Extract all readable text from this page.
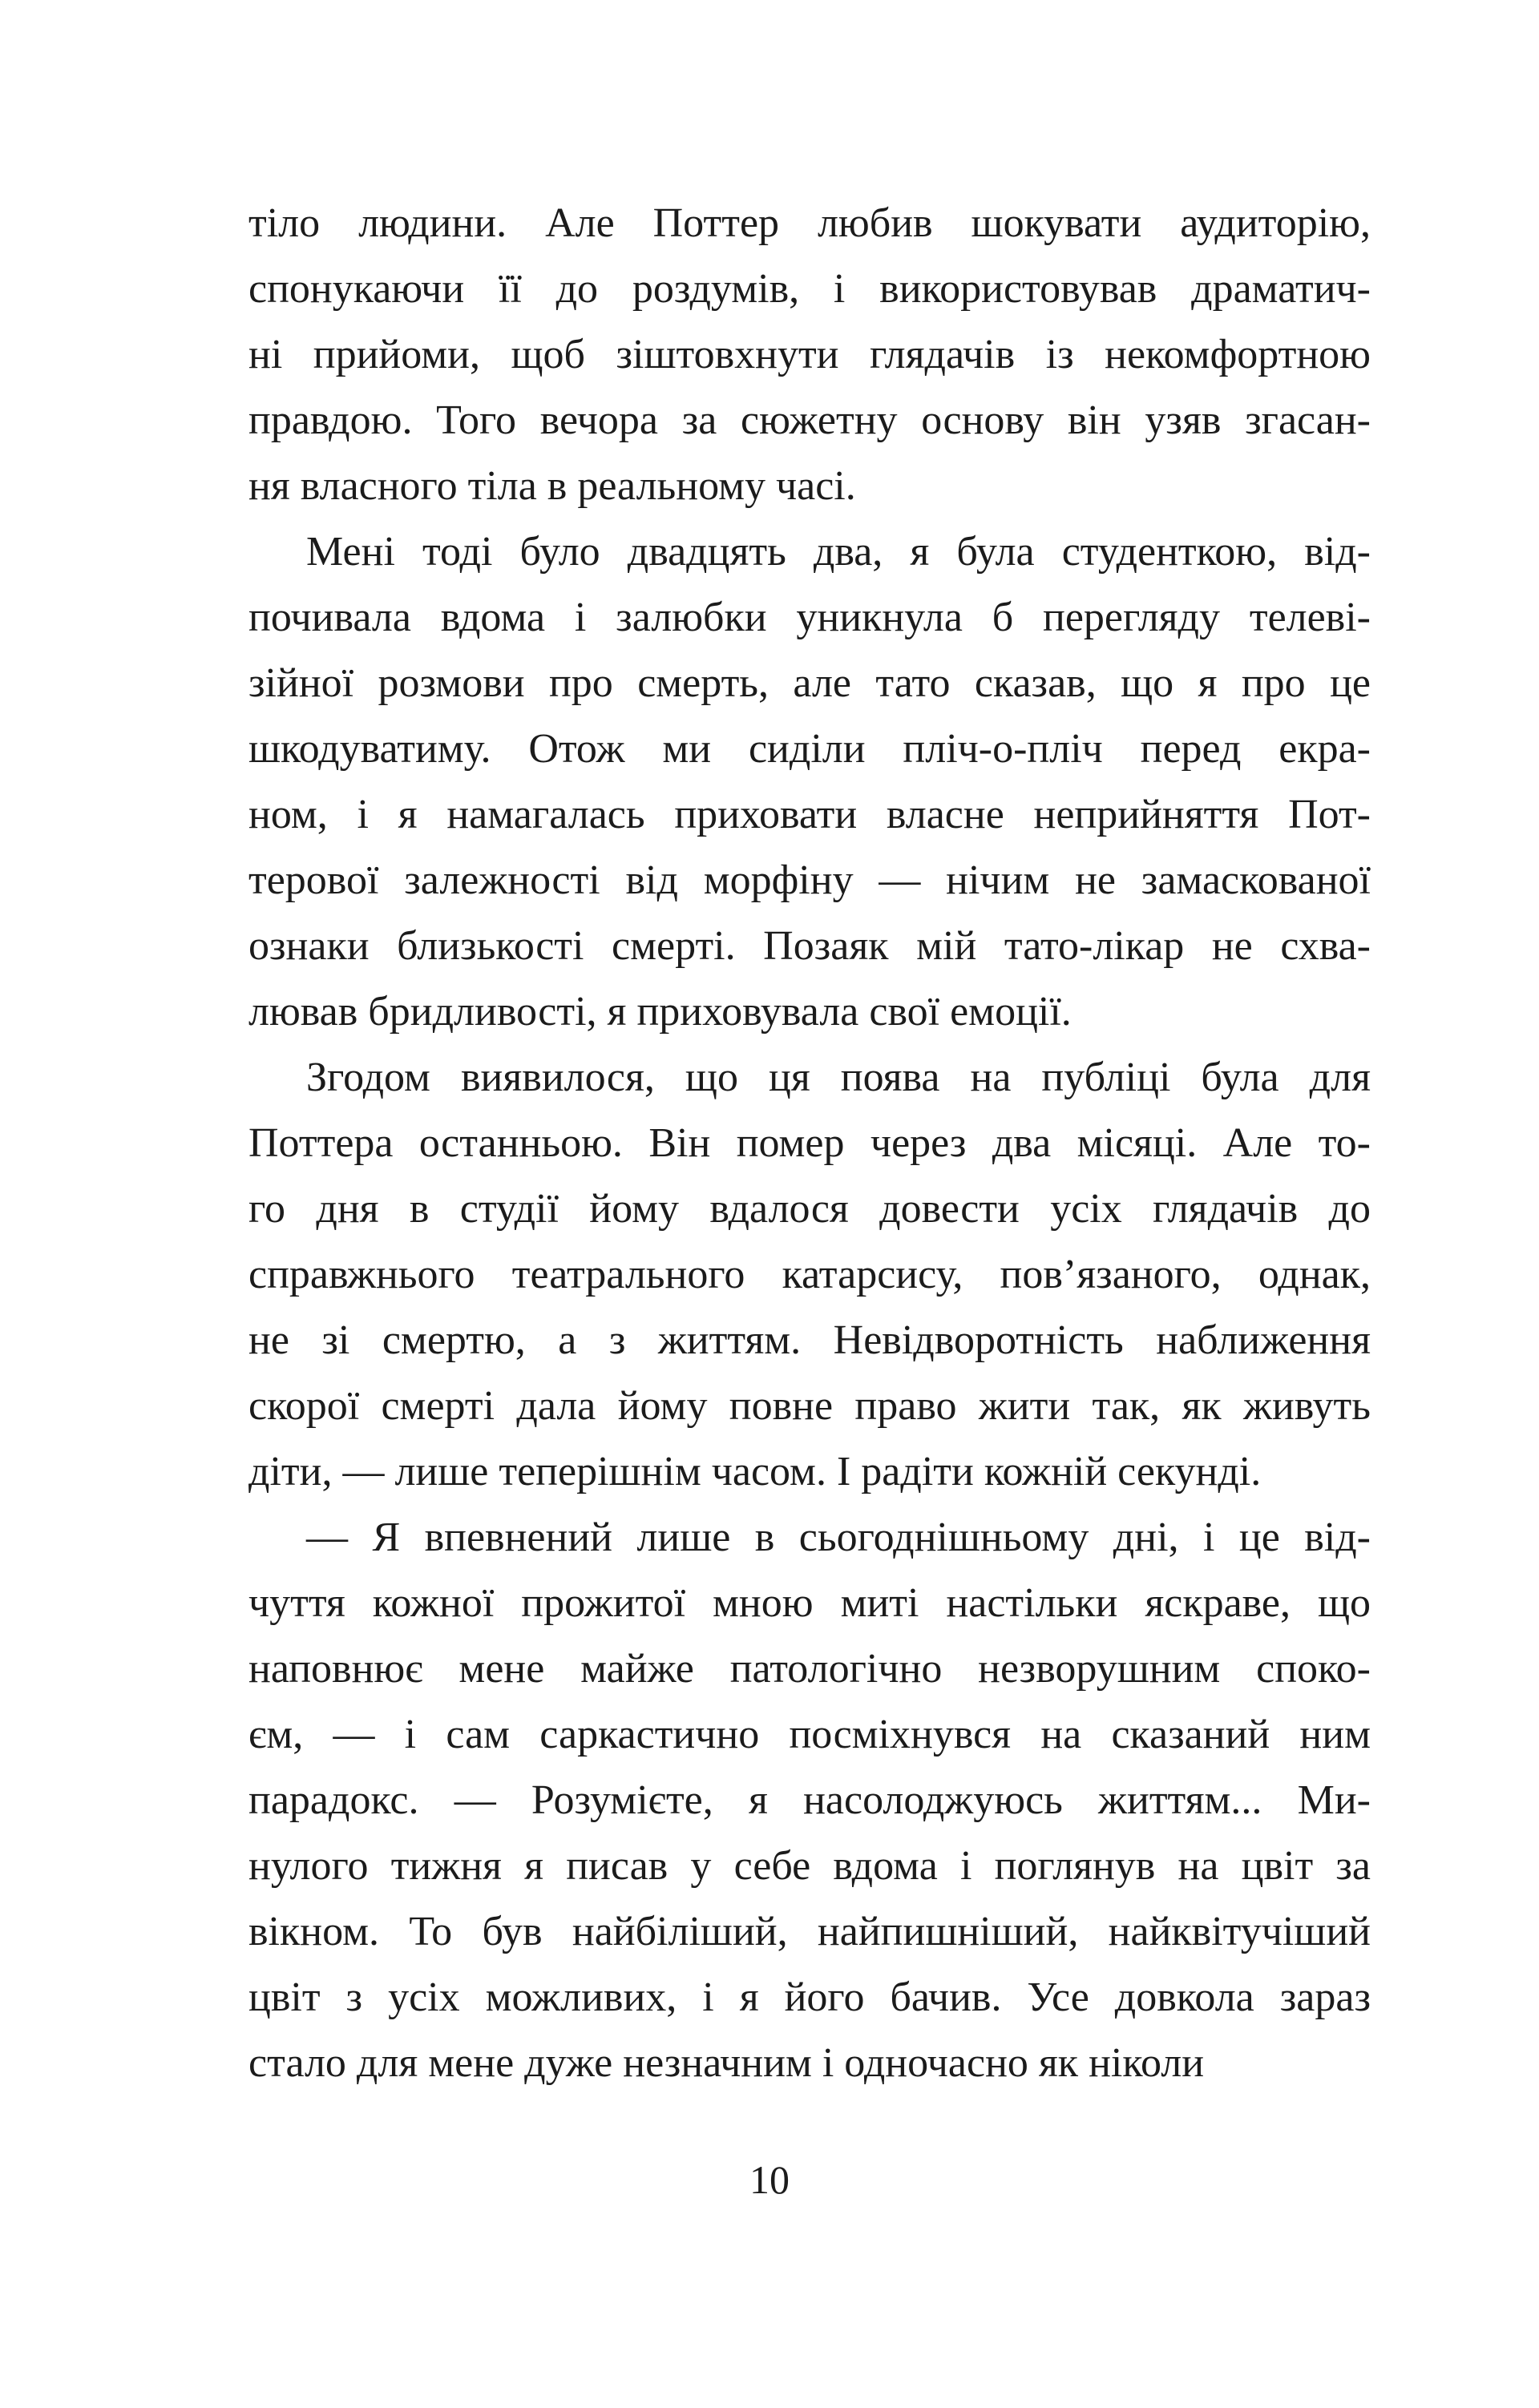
тіло людини. Але Поттер любив шокувати аудиторію,
спонукаючи її до роздумів, і використовував драматич-
ні прийоми, щоб зіштовхнути глядачів із некомфортною
правдою. Того вечора за сюжетну основу він узяв згасан-
ня власного тіла в реальному часі.
Мені тоді було двадцять два, я була студенткою, від-
почивала вдома і залюбки уникнула б перегляду телеві-
зійної розмови про смерть, але тато сказав, що я про це
шкодуватиму. Отож ми сиділи пліч-о-пліч перед екра-
ном, і я намагалась приховати власне неприйняття Пот-
терової залежності від морфіну — нічим не замаскованої
ознаки близькості смерті. Позаяк мій тато-лікар не схва-
лював бридливості, я приховувала свої емоції.
Згодом виявилося, що ця поява на публіці була для
Поттера останньою. Він помер через два місяці. Але то-
го дня в студії йому вдалося довести усіх глядачів до
справжнього театрального катарсису, пов’язаного, однак,
не зі смертю, а з життям. Невідворотність наближення
скорої смерті дала йому повне право жити так, як живуть
діти, — лише теперішнім часом. І радіти кожній секунді.
— Я впевнений лише в сьогоднішньому дні, і це від-
чуття кожної прожитої мною миті настільки яскраве, що
наповнює мене майже патологічно незворушним споко-
єм, — і сам саркастично посміхнувся на сказаний ним
парадокс. — Розумієте, я насолоджуюсь життям... Ми-
нулого тижня я писав у себе вдома і поглянув на цвіт за
вікном. То був найбіліший, найпишніший, найквітучіший
цвіт з усіх можливих, і я його бачив. Усе довкола зараз
стало для мене дуже незначним і одночасно як ніколи
10
